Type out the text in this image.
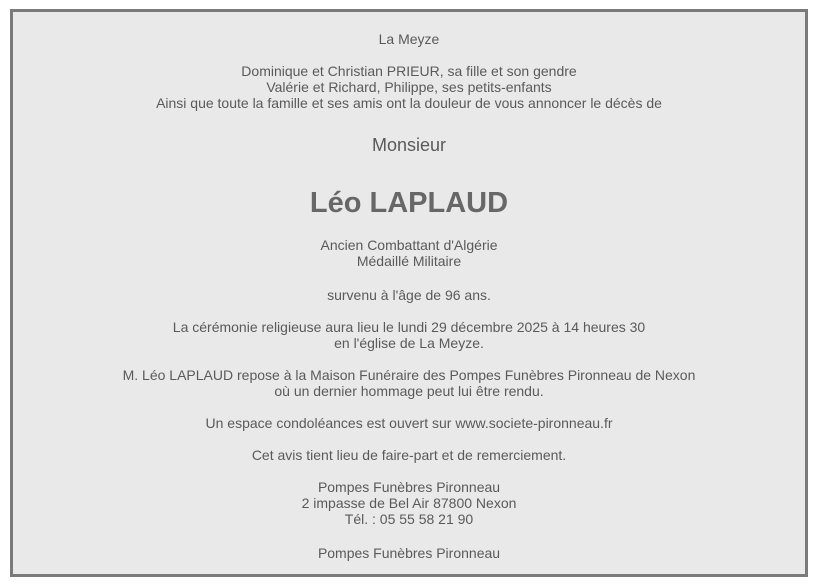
La Meyze
Dominique et Christian PRIEUR, sa fille et son gendre
Valérie et Richard, Philippe, ses petits-enfants
Ainsi que toute la famille et ses amis ont la douleur de vous annoncer le décès de
Monsieur
Léo LAPLAUD
Ancien Combattant d'Algérie
Médaillé Militaire
survenu à l'âge de 96 ans.
La cérémonie religieuse aura lieu le lundi 29 décembre 2025 à 14 heures 30
en l'église de La Meyze.
M. Léo LAPLAUD repose à la Maison Funéraire des Pompes Funèbres Pironneau de Nexon
où un dernier hommage peut lui être rendu.
Un espace condoléances est ouvert sur www.societe-pironneau.fr
Cet avis tient lieu de faire-part et de remerciement.
Pompes Funèbres Pironneau
2 impasse de Bel Air 87800 Nexon
Tél. : 05 55 58 21 90
Pompes Funèbres Pironneau
